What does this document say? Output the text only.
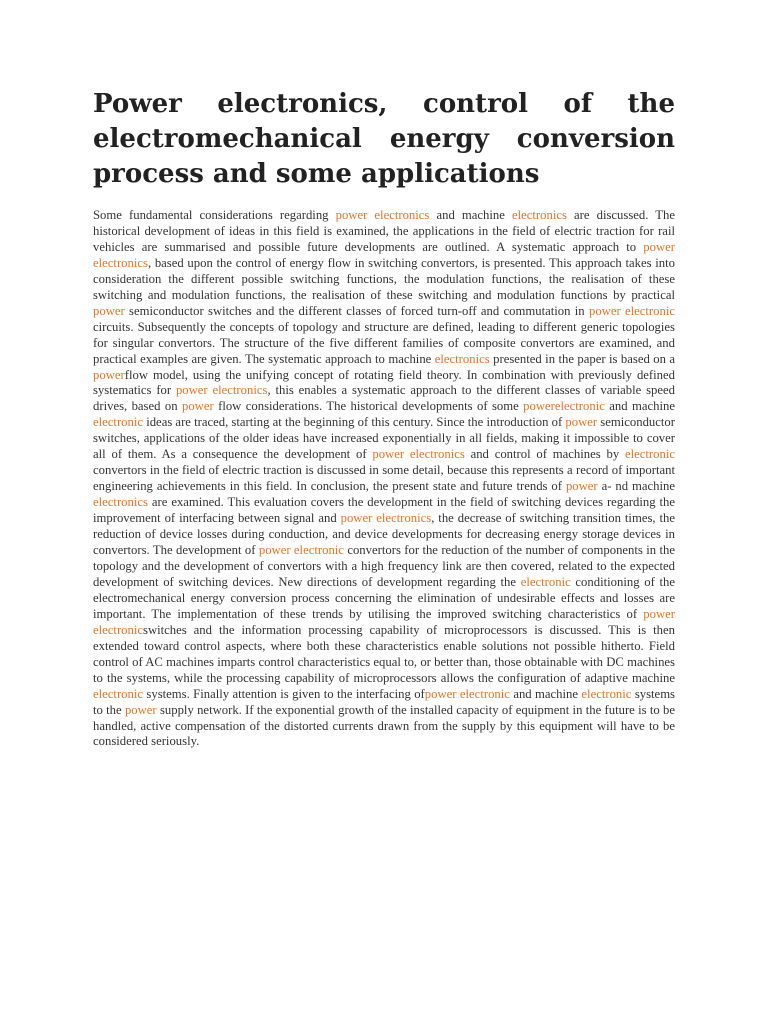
Power electronics, control of the electromechanical energy conversion process and some applications

Some fundamental considerations regarding power electronics and machine electronics are discussed. The historical development of ideas in this field is examined, the applications in the field of electric traction for rail vehicles are summarised and possible future developments are outlined. A systematic approach to power electronics, based upon the control of energy flow in switching convertors, is presented. This approach takes into consideration the different possible switching functions, the modulation functions, the realisation of these switching and modulation functions, the realisation of these switching and modulation functions by practical power semiconductor switches and the different classes of forced turn-off and commutation in power electronic circuits. Subsequently the concepts of topology and structure are defined, leading to different generic topologies for singular convertors. The structure of the five different families of composite convertors are examined, and practical examples are given. The systematic approach to machine electronics presented in the paper is based on a powerflow model, using the unifying concept of rotating field theory. In combination with previously defined systematics for power electronics, this enables a systematic approach to the different classes of variable speed drives, based on power flow considerations. The historical developments of some powerelectronic and machine electronic ideas are traced, starting at the beginning of this century. Since the introduction of power semiconductor switches, applications of the older ideas have increased exponentially in all fields, making it impossible to cover all of them. As a consequence the development of power electronics and control of machines by electronic convertors in the field of electric traction is discussed in some detail, because this represents a record of important engineering achievements in this field. In conclusion, the present state and future trends of power a- nd machine electronics are examined. This evaluation covers the development in the field of switching devices regarding the improvement of interfacing between signal and power electronics, the decrease of switching transition times, the reduction of device losses during conduction, and device developments for decreasing energy storage devices in convertors. The development of power electronic convertors for the reduction of the number of components in the topology and the development of convertors with a high frequency link are then covered, related to the expected development of switching devices. New directions of development regarding the electronic conditioning of the electromechanical energy conversion process concerning the elimination of undesirable effects and losses are important. The implementation of these trends by utilising the improved switching characteristics of power electronicswitches and the information processing capability of microprocessors is discussed. This is then extended toward control aspects, where both these characteristics enable solutions not possible hitherto. Field control of AC machines imparts control characteristics equal to, or better than, those obtainable with DC machines to the systems, while the processing capability of microprocessors allows the configuration of adaptive machine electronic systems. Finally attention is given to the interfacing ofpower electronic and machine electronic systems to the power supply network. If the exponential growth of the installed capacity of equipment in the future is to be handled, active compensation of the distorted currents drawn from the supply by this equipment will have to be considered seriously.
